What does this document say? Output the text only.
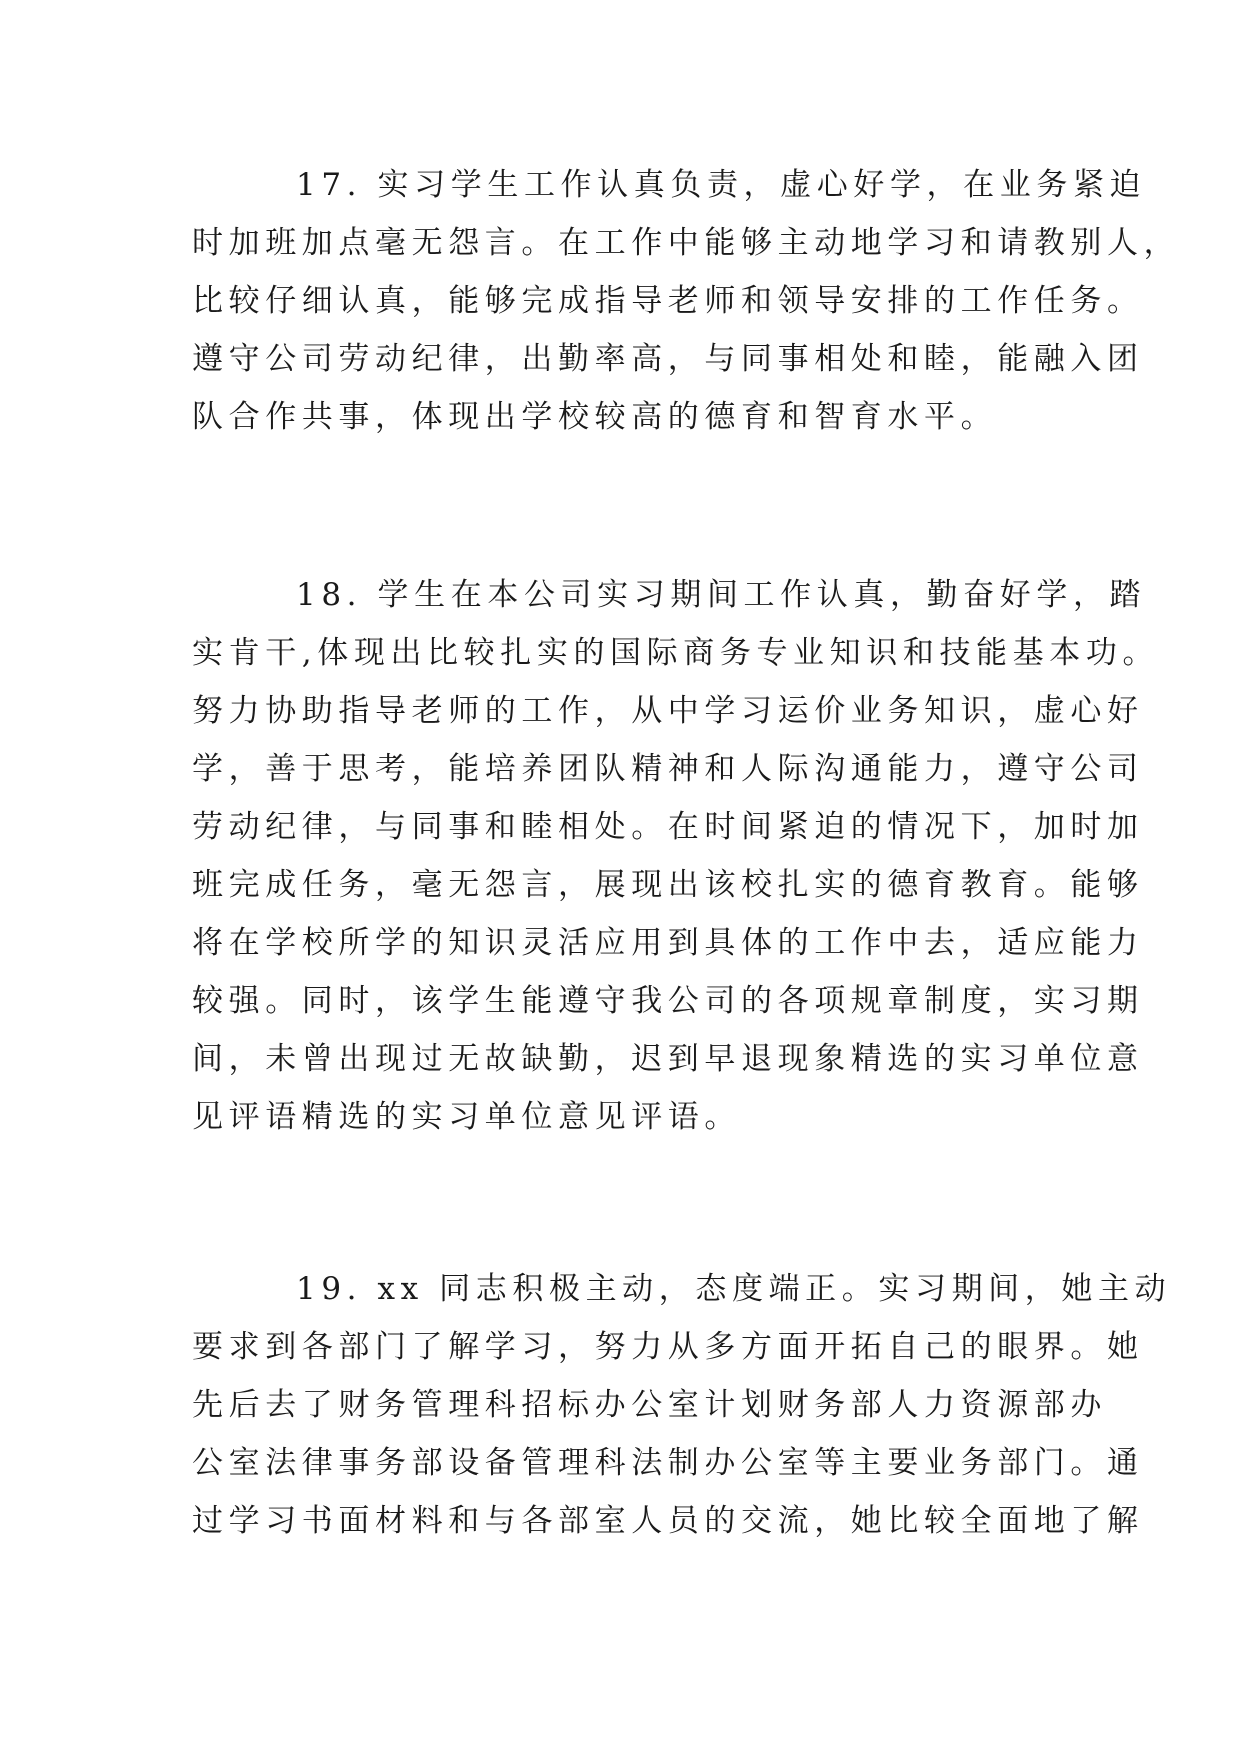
17. 实习学生工作认真负责，虚心好学，在业务紧迫
时加班加点毫无怨言。在工作中能够主动地学习和请教别人，
比较仔细认真，能够完成指导老师和领导安排的工作任务。
遵守公司劳动纪律，出勤率高，与同事相处和睦，能融入团
队合作共事，体现出学校较高的德育和智育水平。
18. 学生在本公司实习期间工作认真，勤奋好学，踏
实肯干,体现出比较扎实的国际商务专业知识和技能基本功。
努力协助指导老师的工作，从中学习运价业务知识，虚心好
学，善于思考，能培养团队精神和人际沟通能力，遵守公司
劳动纪律，与同事和睦相处。在时间紧迫的情况下，加时加
班完成任务，毫无怨言，展现出该校扎实的德育教育。能够
将在学校所学的知识灵活应用到具体的工作中去，适应能力
较强。同时，该学生能遵守我公司的各项规章制度，实习期
间，未曾出现过无故缺勤，迟到早退现象精选的实习单位意
见评语精选的实习单位意见评语。
19. xx 同志积极主动，态度端正。实习期间，她主动
要求到各部门了解学习，努力从多方面开拓自己的眼界。她
先后去了财务管理科招标办公室计划财务部人力资源部办
公室法律事务部设备管理科法制办公室等主要业务部门。通
过学习书面材料和与各部室人员的交流，她比较全面地了解
